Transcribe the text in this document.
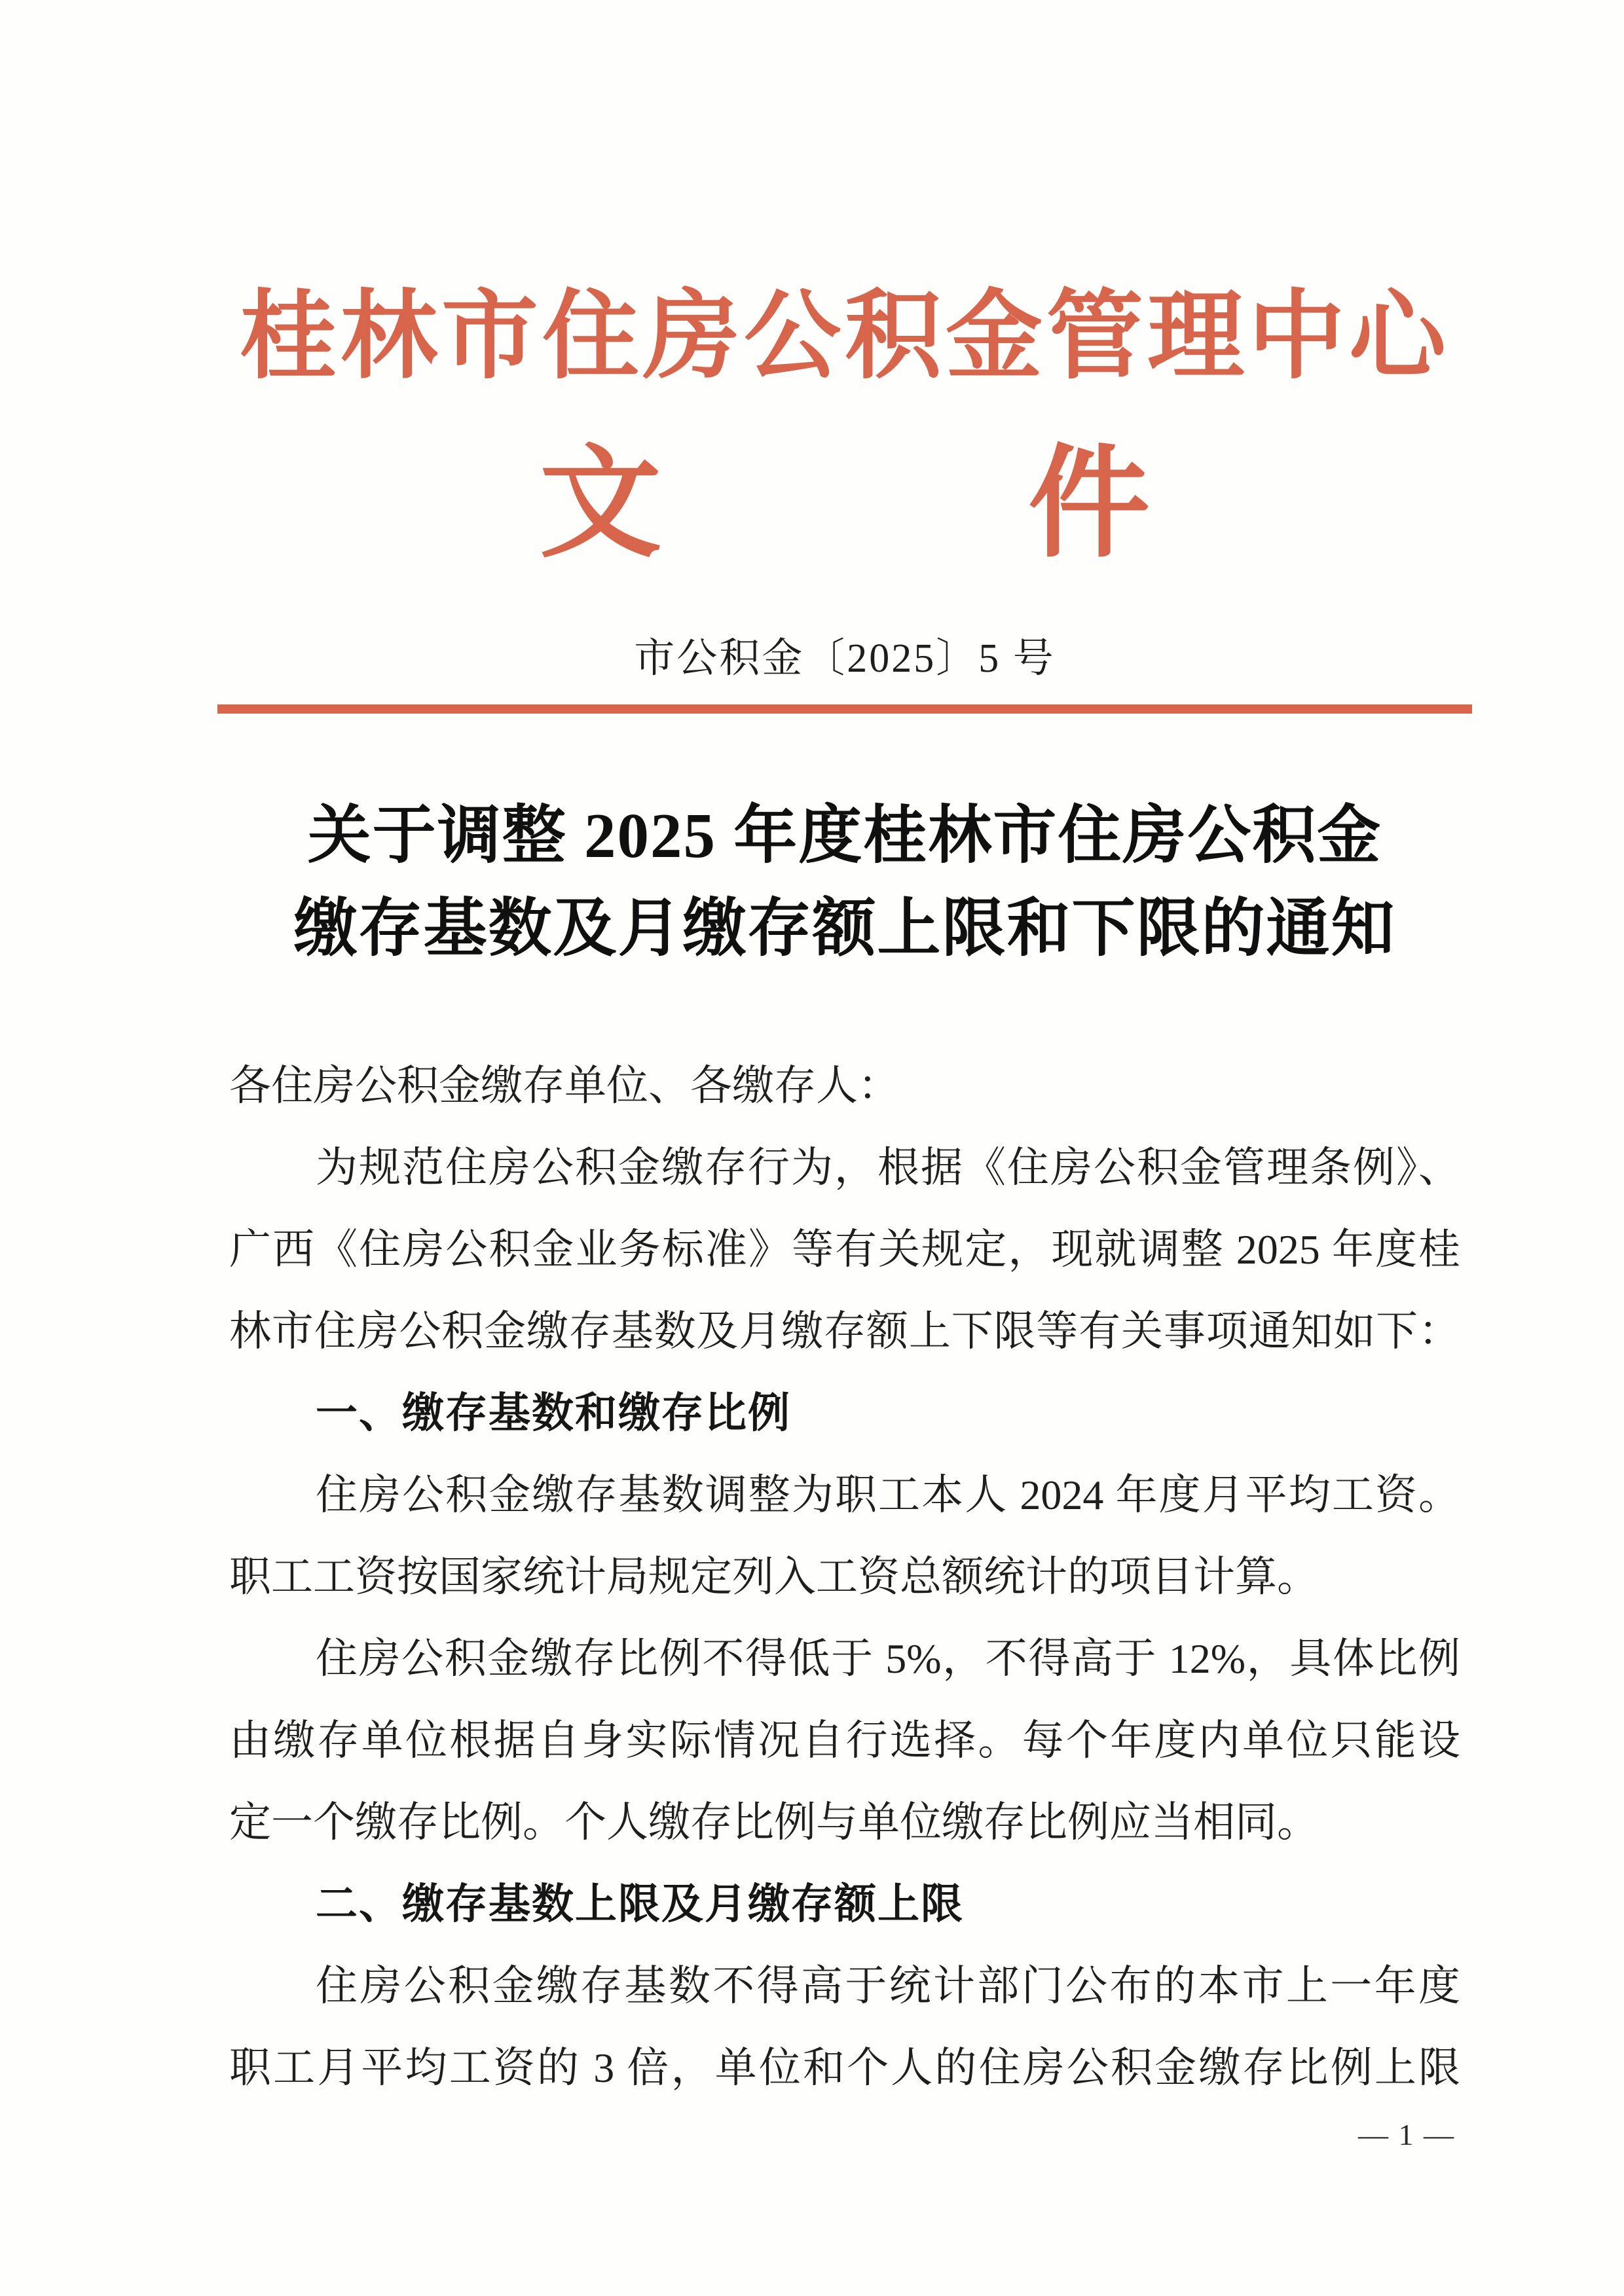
桂林市住房公积金管理中心
文	件
市公积金〔2025〕5 号
关于调整 2025 年度桂林市住房公积金
缴存基数及月缴存额上限和下限的通知
各住房公积金缴存单位、各缴存人：
为规范住房公积金缴存行为，根据《住房公积金管理条例》、
广西《住房公积金业务标准》等有关规定，现就调整 2025 年度桂
林市住房公积金缴存基数及月缴存额上下限等有关事项通知如下：
一、缴存基数和缴存比例
住房公积金缴存基数调整为职工本人 2024 年度月平均工资。
职工工资按国家统计局规定列入工资总额统计的项目计算。
住房公积金缴存比例不得低于 5%，不得高于 12%，具体比例
由缴存单位根据自身实际情况自行选择。每个年度内单位只能设
定一个缴存比例。个人缴存比例与单位缴存比例应当相同。
二、缴存基数上限及月缴存额上限
住房公积金缴存基数不得高于统计部门公布的本市上一年度
职工月平均工资的 3 倍，单位和个人的住房公积金缴存比例上限
— 1 —
